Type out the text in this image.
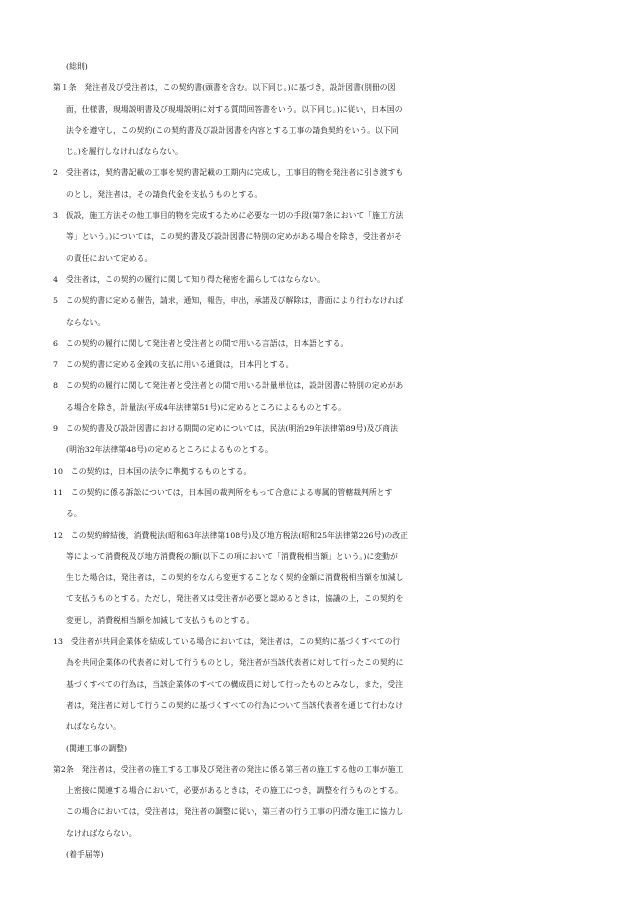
(総則)
第１条　発注者及び受注者は，この契約書(頭書を含む。以下同じ。)に基づき，設計図書(別冊の図
面，仕様書，現場説明書及び現場説明に対する質問回答書をいう。以下同じ。)に従い，日本国の
法令を遵守し，この契約(この契約書及び設計図書を内容とする工事の請負契約をいう。以下同
じ。)を履行しなければならない。
2　受注者は，契約書記載の工事を契約書記載の工期内に完成し，工事目的物を発注者に引き渡すも
のとし，発注者は，その請負代金を支払うものとする。
3　仮設，施工方法その他工事目的物を完成するために必要な一切の手段(第7条において「施工方法
等」という。)については，この契約書及び設計図書に特別の定めがある場合を除き，受注者がそ
の責任において定める。
4　受注者は，この契約の履行に関して知り得た秘密を漏らしてはならない。
5　この契約書に定める催告，請求，通知，報告，申出，承諾及び解除は，書面により行わなければ
ならない。
6　この契約の履行に関して発注者と受注者との間で用いる言語は，日本語とする。
7　この契約書に定める金銭の支払に用いる通貨は，日本円とする。
8　この契約の履行に関して発注者と受注者との間で用いる計量単位は，設計図書に特別の定めがあ
る場合を除き，計量法(平成4年法律第51号)に定めるところによるものとする。
9　この契約書及び設計図書における期間の定めについては，民法(明治29年法律第89号)及び商法
(明治32年法律第48号)の定めるところによるものとする。
10　この契約は，日本国の法令に準拠するものとする。
11　この契約に係る訴訟については，日本国の裁判所をもって合意による専属的管轄裁判所とす
る。
12　この契約締結後，消費税法(昭和63年法律第108号)及び地方税法(昭和25年法律第226号)の改正
等によって消費税及び地方消費税の額(以下この項において「消費税相当額」という。)に変動が
生じた場合は，発注者は，この契約をなんら変更することなく契約金額に消費税相当額を加減し
て支払うものとする。ただし，発注者又は受注者が必要と認めるときは，協議の上，この契約を
変更し，消費税相当額を加減して支払うものとする。
13　受注者が共同企業体を結成している場合においては，発注者は，この契約に基づくすべての行
為を共同企業体の代表者に対して行うものとし，発注者が当該代表者に対して行ったこの契約に
基づくすべての行為は，当該企業体のすべての構成員に対して行ったものとみなし，また，受注
者は，発注者に対して行うこの契約に基づくすべての行為について当該代表者を通じて行わなけ
ればならない。
(関連工事の調整)
第2条　発注者は，受注者の施工する工事及び発注者の発注に係る第三者の施工する他の工事が施工
上密接に関連する場合において，必要があるときは，その施工につき，調整を行うものとする。
この場合においては，受注者は，発注者の調整に従い，第三者の行う工事の円滑な施工に協力し
なければならない。
(着手届等)
